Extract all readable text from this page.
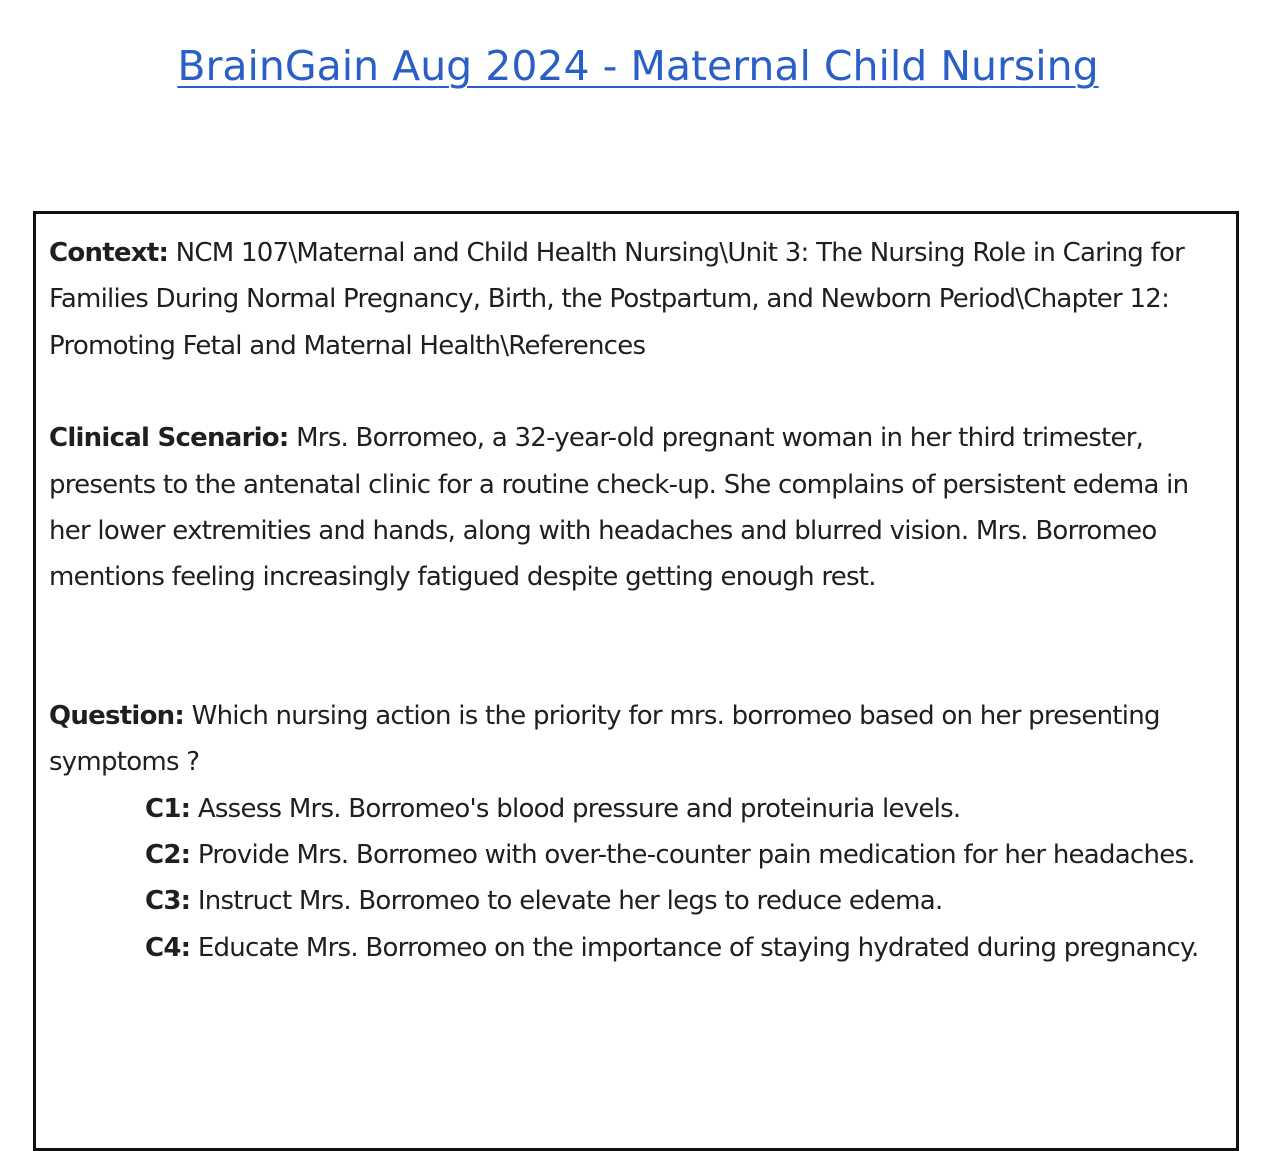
BrainGain Aug 2024 - Maternal Child Nursing

Context: NCM 107\Maternal and Child Health Nursing\Unit 3: The Nursing Role in Caring for Families During Normal Pregnancy, Birth, the Postpartum, and Newborn Period\Chapter 12: Promoting Fetal and Maternal Health\References

Clinical Scenario: Mrs. Borromeo, a 32-year-old pregnant woman in her third trimester, presents to the antenatal clinic for a routine check-up. She complains of persistent edema in her lower extremities and hands, along with headaches and blurred vision. Mrs. Borromeo mentions feeling increasingly fatigued despite getting enough rest.

Question: Which nursing action is the priority for mrs. borromeo based on her presenting symptoms ?

C1: Assess Mrs. Borromeo's blood pressure and proteinuria levels.
C2: Provide Mrs. Borromeo with over-the-counter pain medication for her headaches.
C3: Instruct Mrs. Borromeo to elevate her legs to reduce edema.
C4: Educate Mrs. Borromeo on the importance of staying hydrated during pregnancy.
